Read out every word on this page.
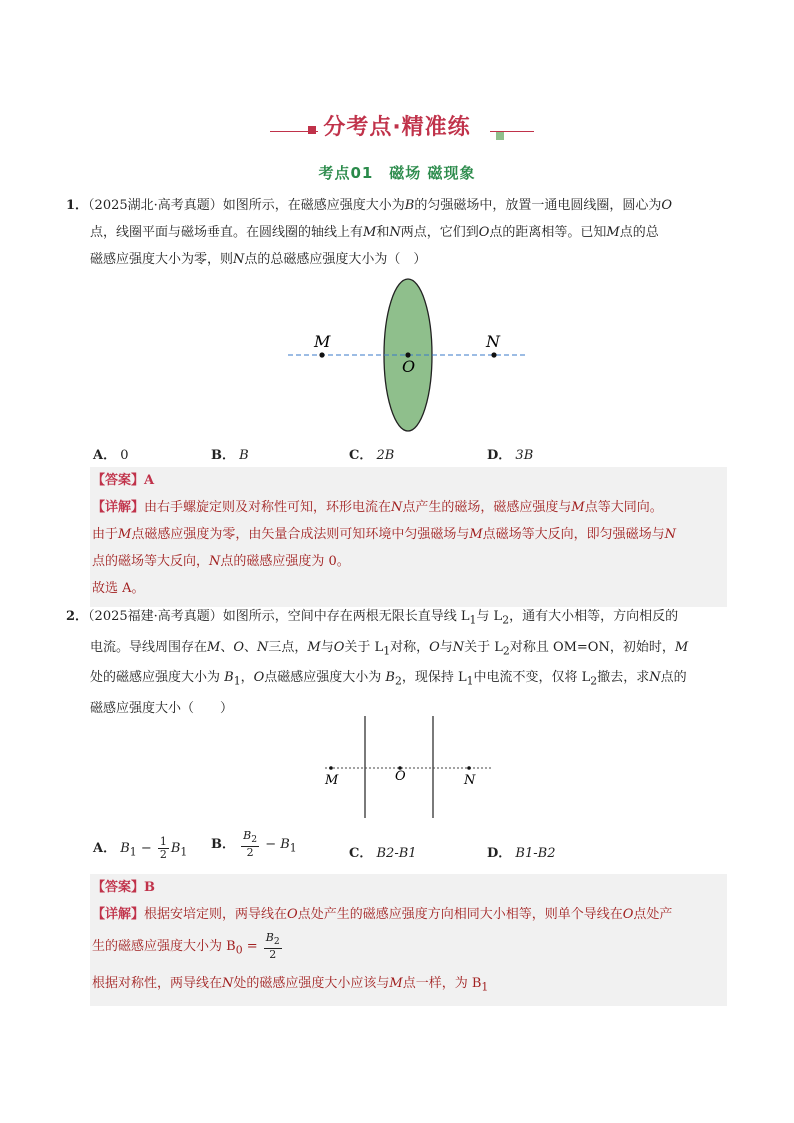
分考点·精准练
考点01　磁场 磁现象
1．（2025湖北·高考真题）如图所示，在磁感应强度大小为B的匀强磁场中，放置一通电圆线圈，圆心为O
点，线圈平面与磁场垂直。在圆线圈的轴线上有M和N两点，它们到O点的距离相等。已知M点的总
磁感应强度大小为零，则N点的总磁感应强度大小为（　）
M
O
N
A． 0	B． B	C． 2B	D． 3B
【答案】A
【详解】由右手螺旋定则及对称性可知，环形电流在N点产生的磁场，磁感应强度与M点等大同向。
由于M点磁感应强度为零，由矢量合成法则可知环境中匀强磁场与M点磁场等大反向，即匀强磁场与N
点的磁场等大反向，N点的磁感应强度为 0。
故选 A。
2．（2025福建·高考真题）如图所示，空间中存在两根无限长直导线 $L_1$与 $L_2$，通有大小相等，方向相反的
电流。导线周围存在M、O、N三点，M与O关于 $L_1$对称，O与N关于 $L_2$对称且 OM=ON，初始时，M
处的磁感应强度大小为 $B_1$，O点磁感应强度大小为 $B_2$，现保持 $L_1$中电流不变，仅将 $L_2$撤去，求N点的
磁感应强度大小（　　）
M	O	N
A． $B_1 - \frac{1}{2} B_1$ B． $\frac{B_2}{2} - B_1$	C． B2-B1	D． B1-B2
【答案】B
【详解】根据安培定则，两导线在O点处产生的磁感应强度方向相同大小相等，则单个导线在O点处产
生的磁感应强度大小为 $B_0 = \frac{B_2}{2}$
根据对称性，两导线在N处的磁感应强度大小应该与M点一样，为 $B_1$
